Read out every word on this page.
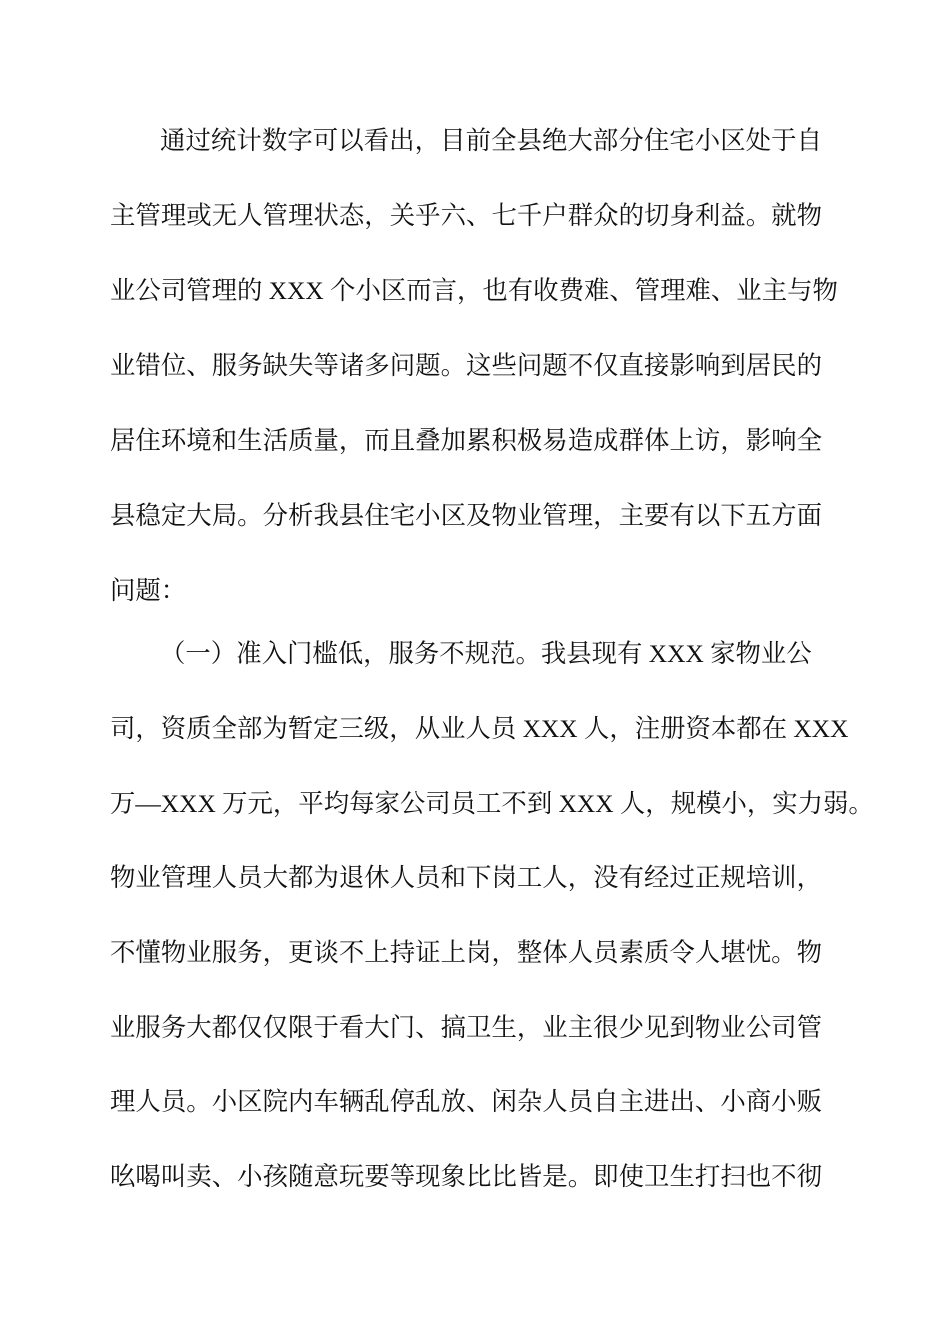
通过统计数字可以看出，目前全县绝大部分住宅小区处于自
主管理或无人管理状态，关乎六、七千户群众的切身利益。就物
业公司管理的 XXX 个小区而言，也有收费难、管理难、业主与物
业错位、服务缺失等诸多问题。这些问题不仅直接影响到居民的
居住环境和生活质量，而且叠加累积极易造成群体上访，影响全
县稳定大局。分析我县住宅小区及物业管理，主要有以下五方面
问题：
（一）准入门槛低，服务不规范。我县现有 XXX 家物业公
司，资质全部为暂定三级，从业人员 XXX 人，注册资本都在 XXX
万—XXX 万元，平均每家公司员工不到 XXX 人，规模小，实力弱。
物业管理人员大都为退休人员和下岗工人，没有经过正规培训，
不懂物业服务，更谈不上持证上岗，整体人员素质令人堪忧。物
业服务大都仅仅限于看大门、搞卫生，业主很少见到物业公司管
理人员。小区院内车辆乱停乱放、闲杂人员自主进出、小商小贩
吆喝叫卖、小孩随意玩要等现象比比皆是。即使卫生打扫也不彻
